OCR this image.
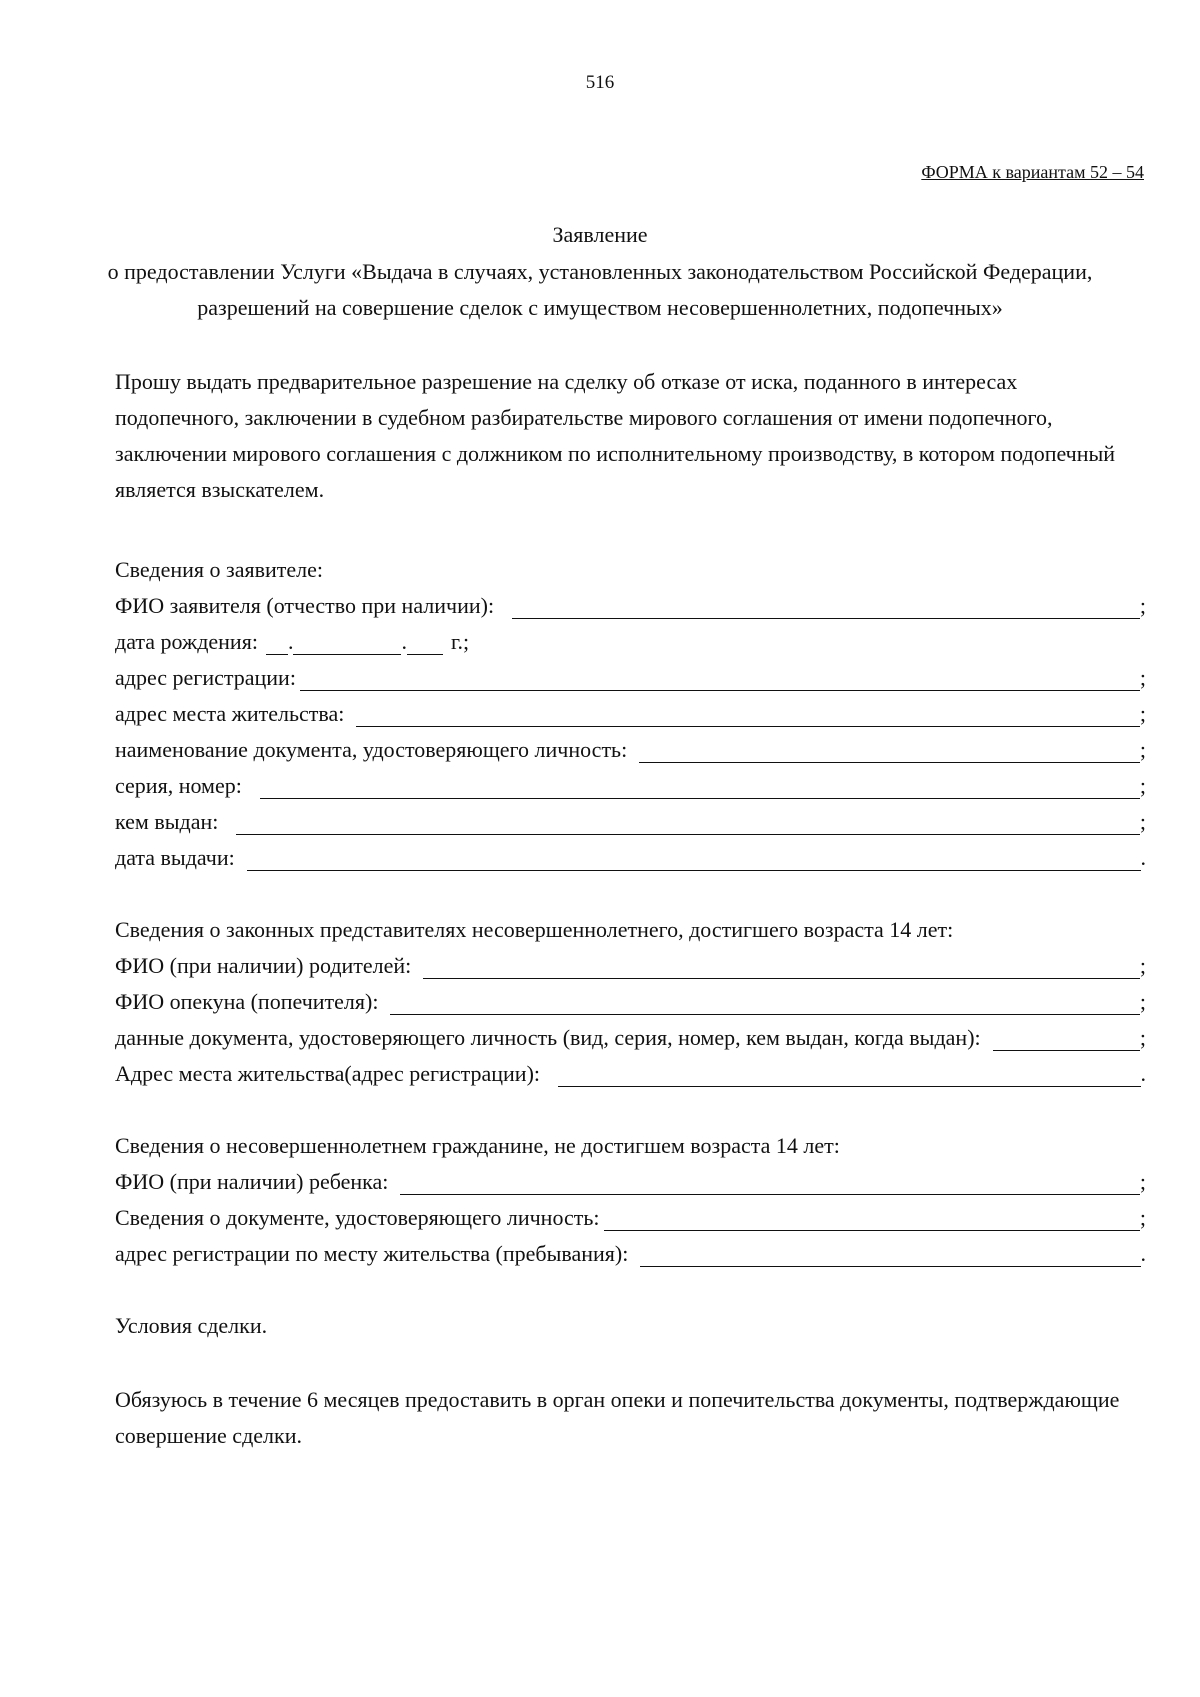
516
ФОРМА к вариантам 52 – 54
Заявление
о предоставлении Услуги «Выдача в случаях, установленных законодательством Российской Федерации, разрешений на совершение сделок с имуществом несовершеннолетних, подопечных»
Прошу выдать предварительное разрешение на сделку об отказе от иска, поданного в интересах подопечного, заключении в судебном разбирательстве мирового соглашения от имени подопечного, заключении мирового соглашения с должником по исполнительному производству, в котором подопечный является взыскателем.
Сведения о заявителе:
ФИО заявителя (отчество при наличии):	;
дата рождения: .	. г.;
адрес регистрации:	;
адрес места жительства:	;
наименование документа, удостоверяющего личность:	;
серия, номер:	;
кем выдан:	;
дата выдачи:	.
Сведения о законных представителях несовершеннолетнего, достигшего возраста 14 лет:
ФИО (при наличии) родителей:	;
ФИО опекуна (попечителя):	;
данные документа, удостоверяющего личность (вид, серия, номер, кем выдан, когда выдан):	;
Адрес места жительства(адрес регистрации):	.
Сведения о несовершеннолетнем гражданине, не достигшем возраста 14 лет:
ФИО (при наличии) ребенка:	;
Сведения о документе, удостоверяющего личность:	;
адрес регистрации по месту жительства (пребывания):	.
Условия сделки.
Обязуюсь в течение 6 месяцев предоставить в орган опеки и попечительства документы, подтверждающие совершение сделки.
